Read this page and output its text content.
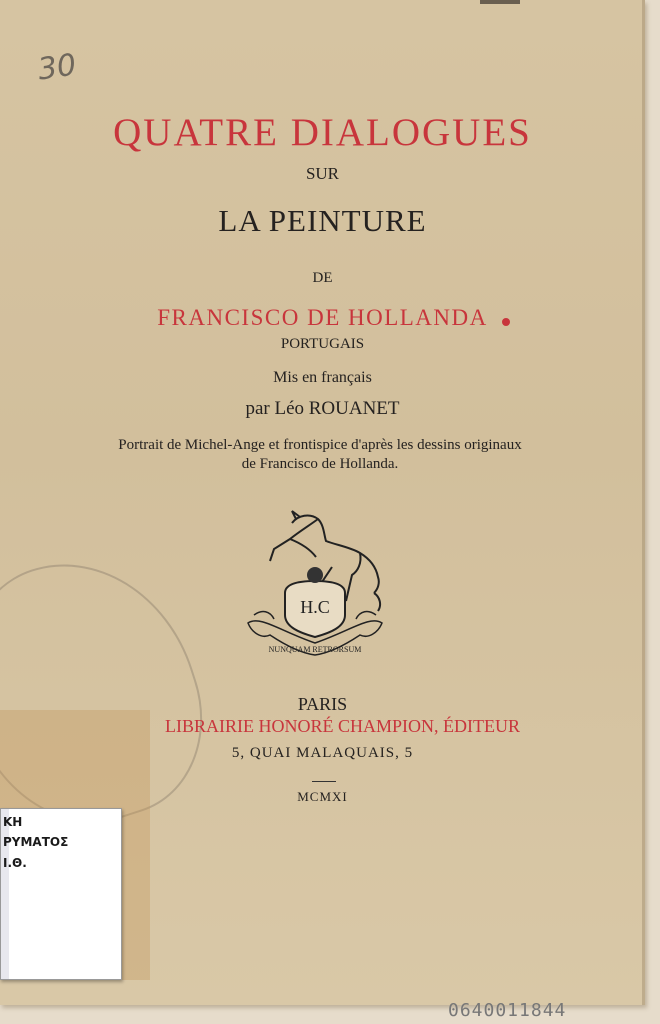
30
QUATRE DIALOGUES
SUR
LA PEINTURE
DE
FRANCISCO DE HOLLANDA
PORTUGAIS
Mis en français
par Léo ROUANET
Portrait de Michel-Ange et frontispice d'après les dessins originaux de Francisco de Hollanda.
H.C
NUNQUAM RETRORSUM
PARIS
LIBRAIRIE HONORÉ CHAMPION, ÉDITEUR
5, QUAI MALAQUAIS, 5
MCMXI
ΚΗ
ΡΥΜΑΤΟΣ
Ι.Θ.
0640011844
